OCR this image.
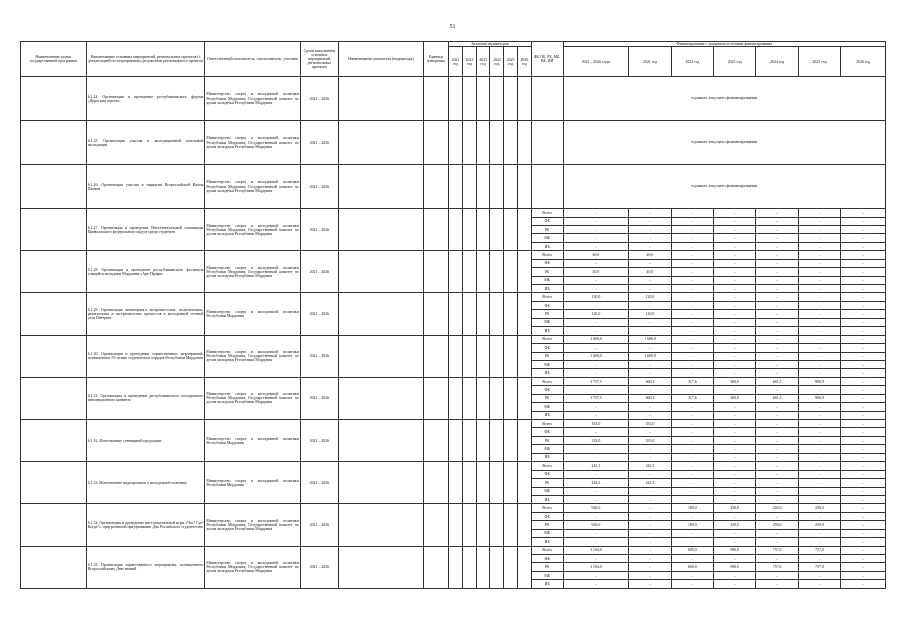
51
Наименование задачи государственной программы	Наименование основных мероприятий, региональных проектов (с детализацией по мероприятиям, результатам регионального проекта)	Ответственный исполнитель, соисполнитель, участник	Сроки выполнения основных мероприятий, региональных проектов	Наименование показателя (индикатора)	Единица измерения	Значения индикаторов						ФБ ОБ, РБ, МБ, ВБ, ИИ	Финансирование с указанием источника финансирования						
						2021 год	2022 год	2023 год	2024 год	2025 год	2026 год		2021 – 2026 годы	2021 год	2022 год	2023 год	2024 год	2025 год	2026 год
	6.1.24. Организация и проведение республиканского форума «Дорогами героев»	Министерство спорта и молодежной политики Республики Мордовия; Государственный комитет по делам молодежи Республики Мордовия	2021 – 2026										в рамках текущего финансирования						
	6.1.25. Организация участия в экспедиционной поисковой экспедиции	Министерство спорта и молодежной политики Республики Мордовия; Государственный комитет по делам молодежи Республики Мордовия	2021 – 2026										в рамках текущего финансирования						
	6.1.26. Организация участия в закрытии Всероссийской Вахты Памяти	Министерство спорта и молодежной политики Республики Мордовия; Государственный комитет по делам молодежи Республики Мордовия	2021 – 2026										в рамках текущего финансирования						
	6.1.27. Организация и проведение Интеллектуальной олимпиады Приволжского федерального округа среди студентов	Министерство спорта и молодежной политики Республики Мордовия; Государственный комитет по делам молодежи Республики Мордовия	2021 – 2026									Всего	–	–	–	–	–	–	–
												ФБ	–	–	–	–	–	–	–
												РБ	–	–	–	–	–	–	–
												МБ	–	–	–	–	–	–	–
												ИБ	–	–	–	–	–	–	–
	6.1.28. Организация и проведение республиканского фестиваля учащейся молодежи Мордовии «Арт-Профи»	Министерство спорта и молодежной политики Республики Мордовия; Государственный комитет по делам молодежи Республики Мордовия	2021 – 2026									Всего	40,0	40,0	–	–	–	–	–
												ФБ	–	–	–	–	–	–	–
												РБ	40,0	40,0	–	–	–	–	–
												МБ	–	–	–	–	–	–	–
												ИБ	–	–	–	–	–	–	–
	6.1.29. Организация мониторинга экстремистских, политических, религиозных и экстремистских процессов в молодежной сетевой сети Интернет	Министерство спорта и молодежной политики Республики Мордовия	2021 – 2026									Всего	120,0	120,0	–	–	–	–	–
												ФБ	–	–	–	–	–	–	–
												РБ	120,0	120,0	–	–	–	–	–
												МБ	–	–	–	–	–	–	–
												ИБ	–	–	–	–	–	–	–
	6.1.30. Организация и проведение торжественных мероприятий, посвященных 55-летию студенческих отрядов Республики Мордовия	Министерство спорта и молодежной политики Республики Мордовия; Государственный комитет по делам молодежи Республики Мордовия	2021 – 2026									Всего	1 600,0	1 600,0	–	–	–	–	–
												ФБ	–	–	–	–	–	–	–
												РБ	1 600,0	1 600,0	–	–	–	–	–
												МБ	–	–	–	–	–	–	–
												ИБ	–	–	–	–	–	–	–
	6.1.31. Организация и проведение республиканского молодежного инновационного конвента	Министерство спорта и молодежной политики Республики Мордовия; Государственный комитет по делам молодежи Республики Мордовия	2021 – 2026									Всего	3 757,5	660,2	317,6	360,0	661,5	960,9	–
												ФБ	–	–	–	–	–	–	–
												РБ	3 757,5	660,2	317,6	360,0	661,5	960,9	–
												МБ	–	–	–	–	–	–	–
												ИБ	–	–	–	–	–	–	–
	6.1.32. Изготовление сувенирной продукции	Министерство спорта и молодежной политики Республики Мордовия	2021 – 2026									Всего	353,0	353,0	–	–	–	–	–
												ФБ	–	–	–	–	–	–	–
												РБ	353,0	353,0	–	–	–	–	–
												МБ	–	–	–	–	–	–	–
												ИБ	–	–	–	–	–	–	–
	6.1.33. Изготовление видеороликов о молодежной политике	Министерство спорта и молодежной политики Республики Мордовия	2021 – 2026									Всего	242,3	242,3	–	–	–	–	–
												ФБ	–	–	–	–	–	–	–
												РБ	242,3	242,3	–	–	–	–	–
												МБ	–	–	–	–	–	–	–
												ИБ	–	–	–	–	–	–	–
	6.1.34. Организация и проведение интеллектуальной игры «Что? Где? Когда?», приуроченной празднованию Дня Российского студенчества	Министерство спорта и молодежной политики Республики Мордовия; Государственный комитет по делам молодежи Республики Мордовия	2021 – 2026									Всего	920,0	–	180,0	250,0	250,0	250,0	–
												ФБ	–	–	–	–	–	–	–
												РБ	920,0	–	180,0	250,0	250,0	250,0	–
												МБ	–	–	–	–	–	–	–
												ИБ	–	–	–	–	–	–	–
	6.1.35. Организация торжественного мероприятия, посвященного Всероссийскому Дню знаний	Министерство спорта и молодежной политики Республики Мордовия; Государственный комитет по делам молодежи Республики Мордовия	2021 – 2026									Всего	3 104,0	–	600,0	990,0	757,0	757,0	–
												ФБ	–	–	–	–	–	–	–
												РБ	3 104,0	–	600,0	990,0	757,0	757,0	–
												МБ	–	–	–	–	–	–	–
												ИБ	–	–	–	–	–	–	–
